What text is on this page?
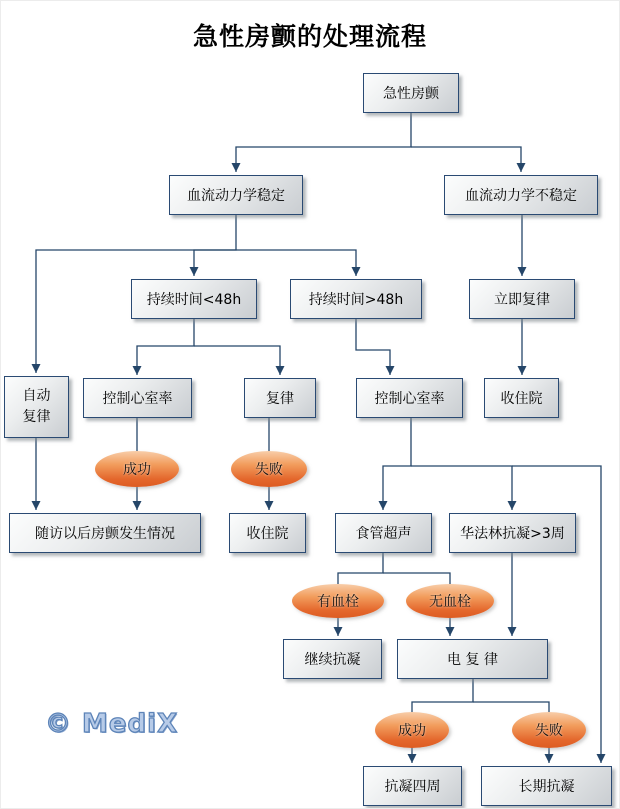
急性房颤的处理流程
急性房颤
血流动力学稳定	血流动力学不稳定
持续时间<48h	持续时间>48h	立即复律
自动复律
控制心室率	复律	控制心室率	收住院
随访以后房颤发生情况	收住院	食管超声	华法林抗凝>3周
继续抗凝	电 复 律
抗凝四周	长期抗凝
成功	失败
有血栓	无血栓
成功	失败
© MediX
